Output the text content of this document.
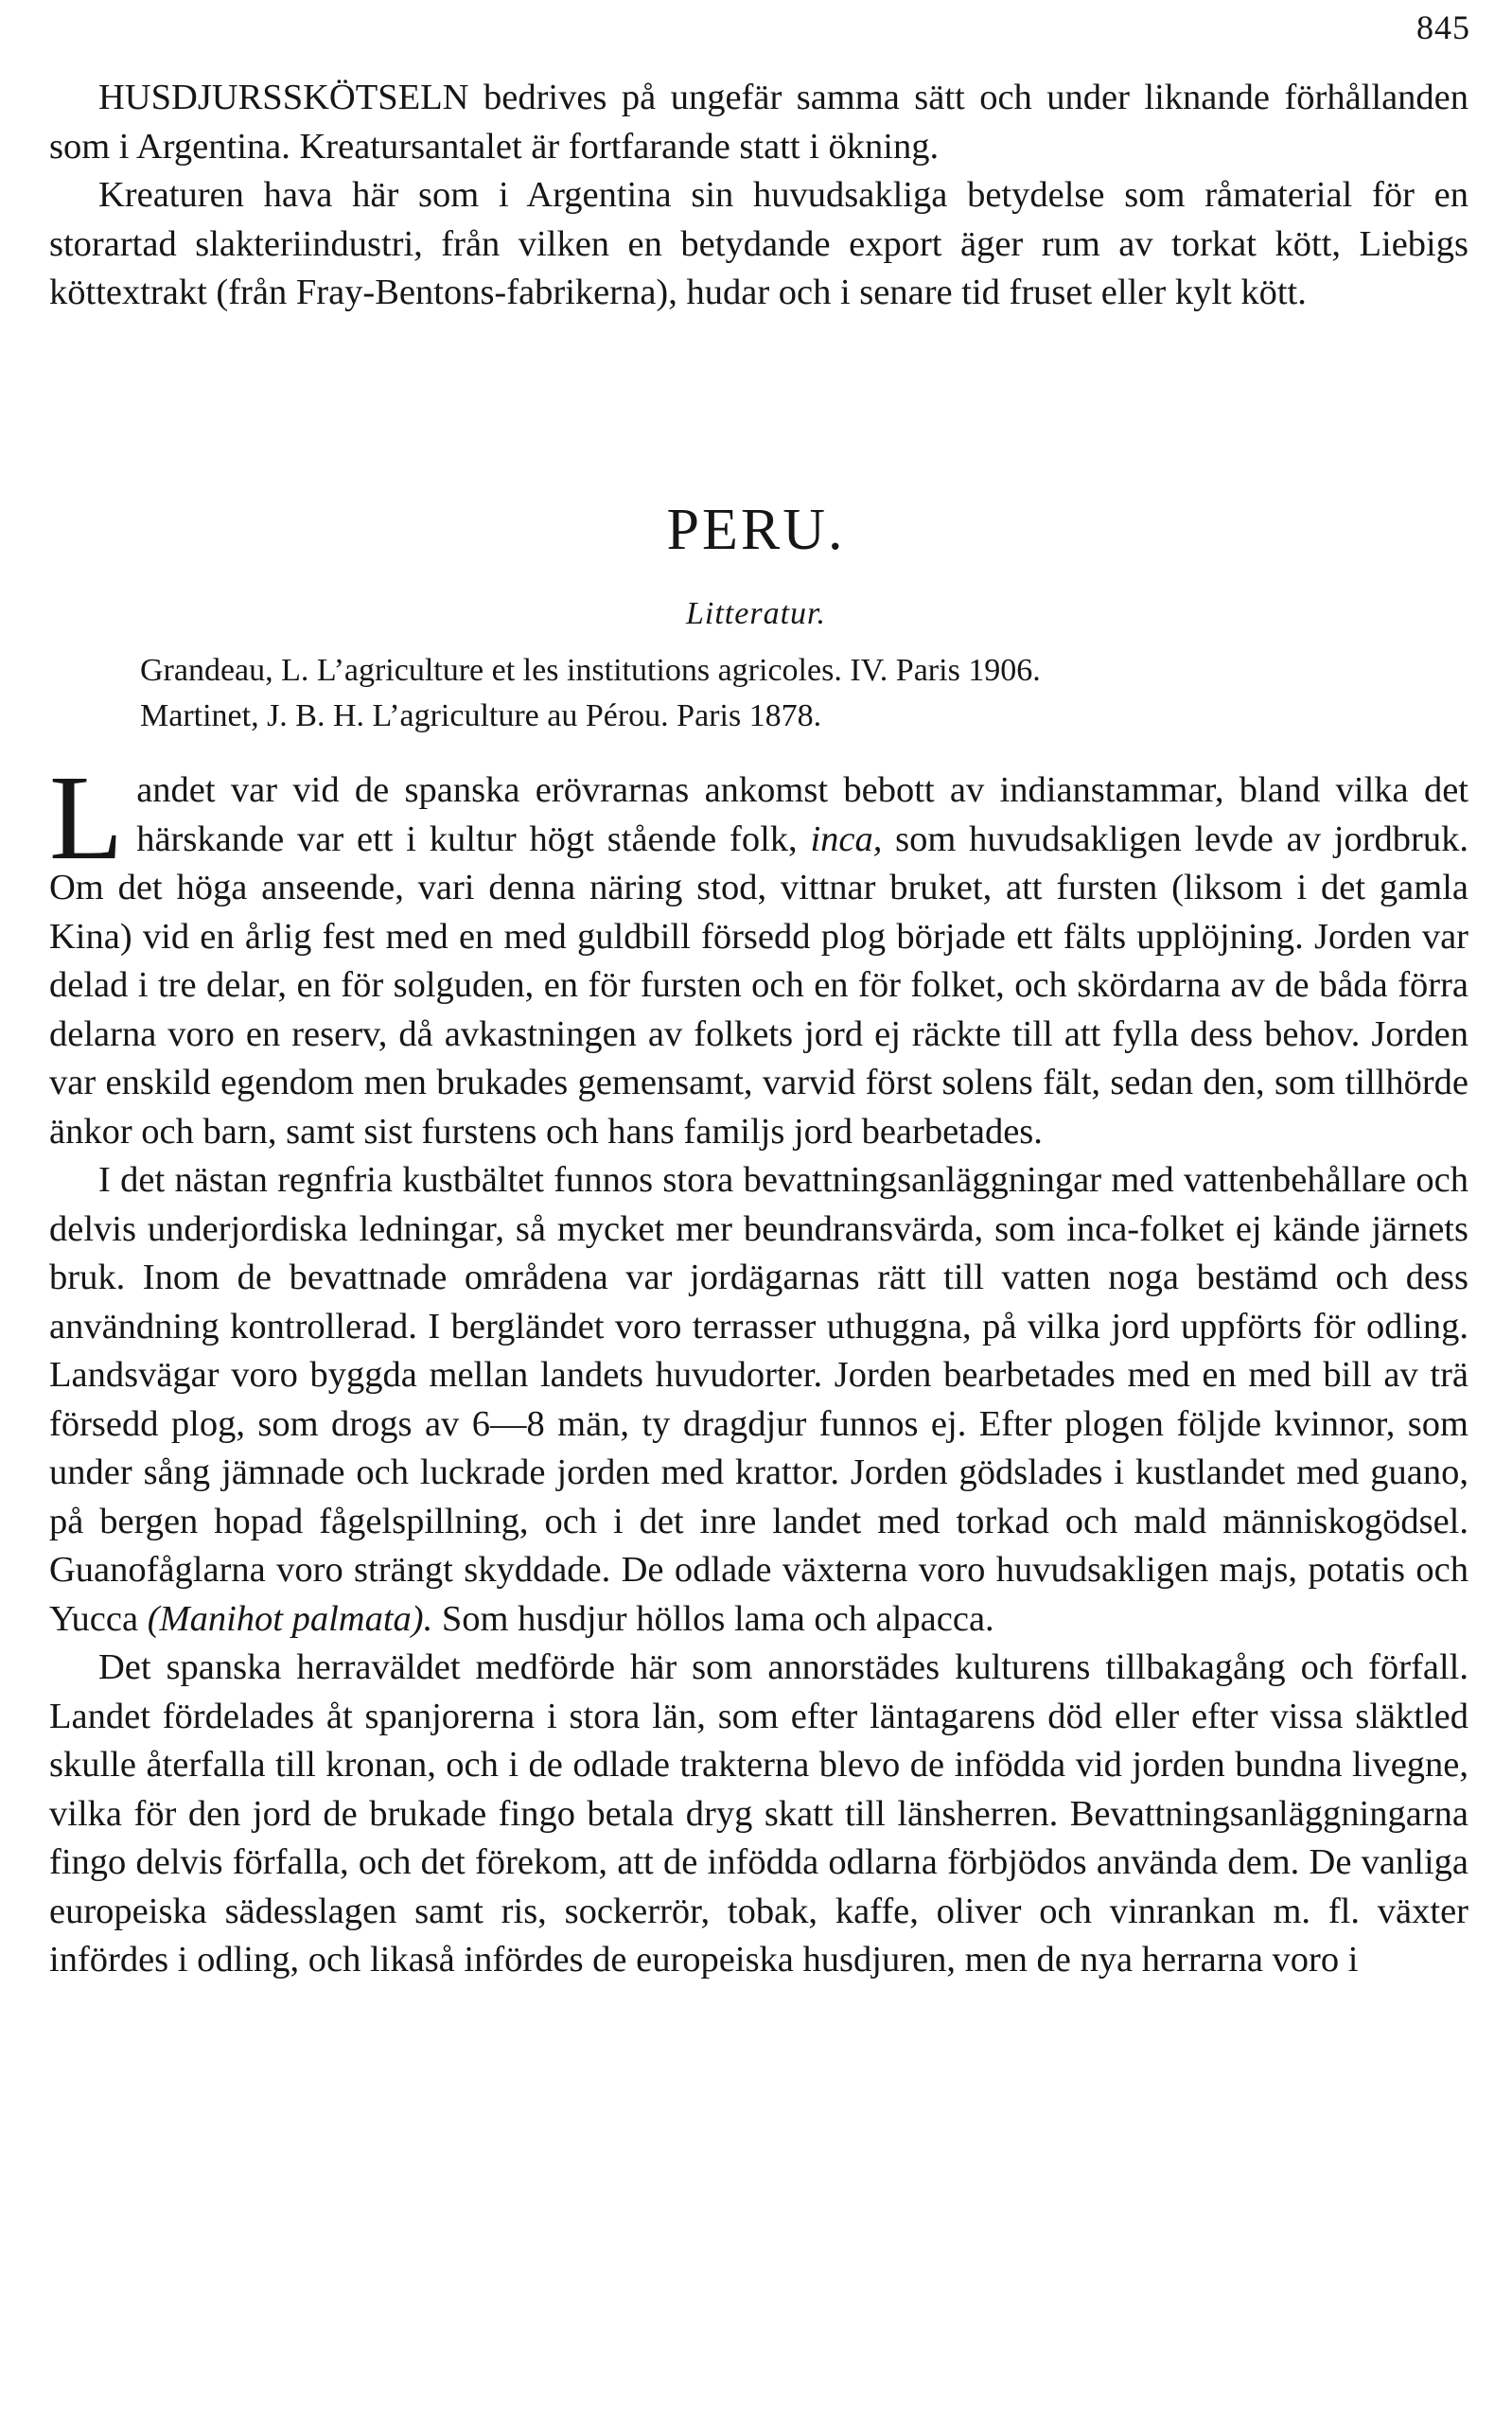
845

HUSDJURSSKÖTSELN bedrives på ungefär samma sätt och under liknande förhållanden som i Argentina. Kreatursantalet är fortfarande statt i ökning.

Kreaturen hava här som i Argentina sin huvudsakliga betydelse som råmaterial för en storartad slakteriindustri, från vilken en betydande export äger rum av torkat kött, Liebigs köttextrakt (från Fray-Bentons-fabrikerna), hudar och i senare tid fruset eller kylt kött.

PERU.
Litteratur.
Grandeau, L. L’agriculture et les institutions agricoles. IV. Paris 1906.
Martinet, J. B. H. L’agriculture au Pérou. Paris 1878.

Landet var vid de spanska erövrarnas ankomst bebott av indianstammar, bland vilka det härskande var ett i kultur högt stående folk, inca, som huvudsakligen levde av jordbruk. Om det höga anseende, vari denna näring stod, vittnar bruket, att fursten (liksom i det gamla Kina) vid en årlig fest med en med guldbill försedd plog började ett fälts upplöjning. Jorden var delad i tre delar, en för solguden, en för fursten och en för folket, och skördarna av de båda förra delarna voro en reserv, då avkastningen av folkets jord ej räckte till att fylla dess behov. Jorden var enskild egendom men brukades gemensamt, varvid först solens fält, sedan den, som tillhörde änkor och barn, samt sist furstens och hans familjs jord bearbetades.

I det nästan regnfria kustbältet funnos stora bevattningsanläggningar med vattenbehållare och delvis underjordiska ledningar, så mycket mer beundransvärda, som inca-folket ej kände järnets bruk. Inom de bevattnade områdena var jordägarnas rätt till vatten noga bestämd och dess användning kontrollerad. I bergländet voro terrasser uthuggna, på vilka jord uppförts för odling. Landsvägar voro byggda mellan landets huvudorter. Jorden bearbetades med en med bill av trä försedd plog, som drogs av 6—8 män, ty dragdjur funnos ej. Efter plogen följde kvinnor, som under sång jämnade och luckrade jorden med krattor. Jorden gödslades i kustlandet med guano, på bergen hopad fågelspillning, och i det inre landet med torkad och mald människogödsel. Guanofåglarna voro strängt skyddade. De odlade växterna voro huvudsakligen majs, potatis och Yucca (Manihot palmata). Som husdjur höllos lama och alpacca.

Det spanska herraväldet medförde här som annorstädes kulturens tillbakagång och förfall. Landet fördelades åt spanjorerna i stora län, som efter läntagarens död eller efter vissa släktled skulle återfalla till kronan, och i de odlade trakterna blevo de infödda vid jorden bundna livegne, vilka för den jord de brukade fingo betala dryg skatt till länsherren. Bevattningsanläggningarna fingo delvis förfalla, och det förekom, att de infödda odlarna förbjödos använda dem. De vanliga europeiska sädesslagen samt ris, sockerrör, tobak, kaffe, oliver och vinrankan m. fl. växter infördes i odling, och likaså infördes de europeiska husdjuren, men de nya herrarna voro i
